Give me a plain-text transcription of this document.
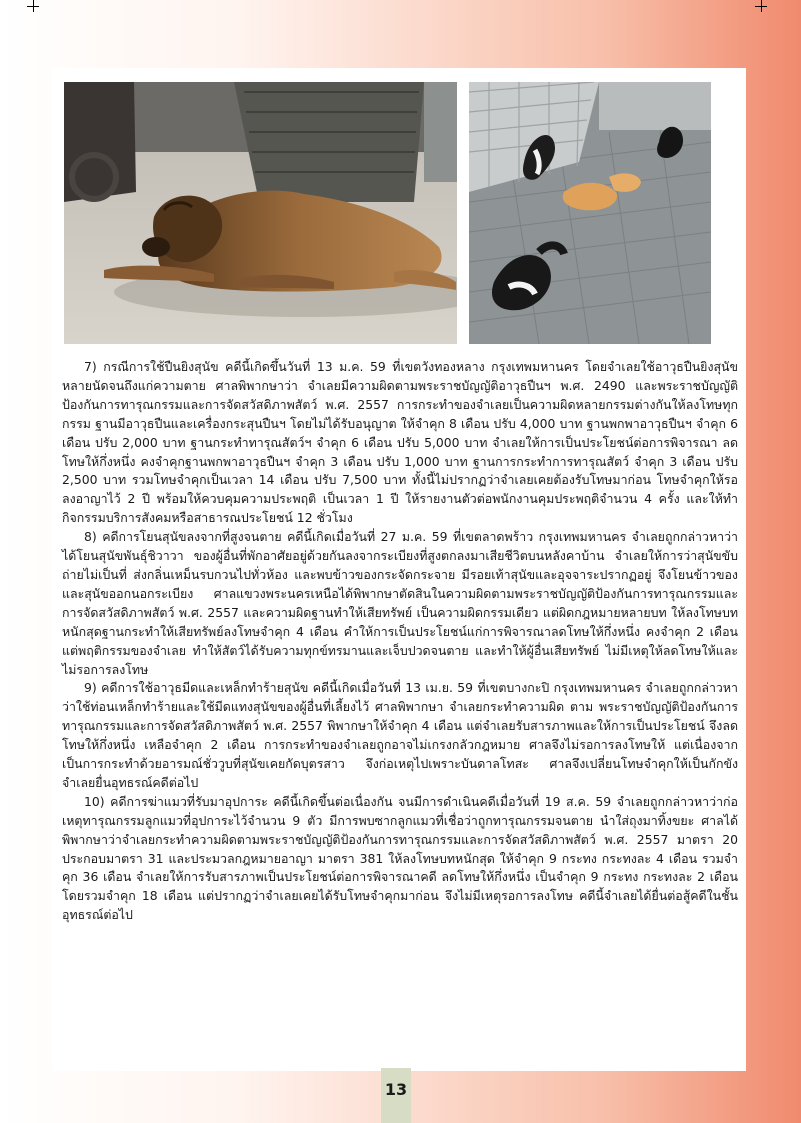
7) กรณีการใช้ปืนยิงสุนัข คดีนี้เกิดขึ้นวันที่ 13 ม.ค. 59 ที่เขตวังทองหลาง กรุงเทพมหานคร โดยจำเลยใช้อาวุธปืนยิงสุนัขหลายนัดจนถึงแก่ความตาย ศาลพิพากษาว่า จำเลยมีความผิดตามพระราชบัญญัติอาวุธปืนฯ พ.ศ. 2490 และพระราชบัญญัติป้องกันการทารุณกรรมและการจัดสวัสดิภาพสัตว์ พ.ศ. 2557 การกระทำของจำเลยเป็นความผิดหลายกรรมต่างกันให้ลงโทษทุกกรรม ฐานมีอาวุธปืนและเครื่องกระสุนปืนฯ โดยไม่ได้รับอนุญาต ให้จำคุก 8 เดือน ปรับ 4,000 บาท ฐานพกพาอาวุธปืนฯ จำคุก 6 เดือน ปรับ 2,000 บาท ฐานกระทำทารุณสัตว์ฯ จำคุก 6 เดือน ปรับ 5,000 บาท จำเลยให้การเป็นประโยชน์ต่อการพิจารณา ลดโทษให้กึ่งหนึ่ง คงจำคุกฐานพกพาอาวุธปืนฯ จำคุก 3 เดือน ปรับ 1,000 บาท ฐานการกระทำการทารุณสัตว์ จำคุก 3 เดือน ปรับ 2,500 บาท รวมโทษจำคุกเป็นเวลา 14 เดือน ปรับ 7,500 บาท ทั้งนี้ไม่ปรากฏว่าจำเลยเคยต้องรับโทษมาก่อน โทษจำคุกให้รอลงอาญาไว้ 2 ปี พร้อมให้ควบคุมความประพฤติ เป็นเวลา 1 ปี ให้รายงานตัวต่อพนักงานคุมประพฤติจำนวน 4 ครั้ง และให้ทำกิจกรรมบริการสังคมหรือสาธารณประโยชน์ 12 ชั่วโมง

8) คดีการโยนสุนัขลงจากที่สูงจนตาย คดีนี้เกิดเมื่อวันที่ 27 ม.ค. 59 ที่เขตลาดพร้าว กรุงเทพมหานคร จำเลยถูกกล่าวหาว่าได้โยนสุนัขพันธุ์ชิวาวา ของผู้อื่นที่พักอาศัยอยู่ด้วยกันลงจากระเบียงที่สูงตกลงมาเสียชีวิตบนหลังคาบ้าน จำเลยให้การว่าสุนัขขับถ่ายไม่เป็นที่ ส่งกลิ่นเหม็นรบกวนไปทั่วห้อง และพบข้าวของกระจัดกระจาย มีรอยเท้าสุนัขและอุจจาระปรากฏอยู่ จึงโยนข้าวของและสุนัขออกนอกระเบียง ศาลแขวงพระนครเหนือได้พิพากษาตัดสินในความผิดตามพระราชบัญญัติป้องกันการทารุณกรรมและการจัดสวัสดิภาพสัตว์ พ.ศ. 2557 และความผิดฐานทำให้เสียทรัพย์ เป็นความผิดกรรมเดียว แต่ผิดกฎหมายหลายบท ให้ลงโทษบทหนักสุดฐานกระทำให้เสียทรัพย์ลงโทษจำคุก 4 เดือน คำให้การเป็นประโยชน์แก่การพิจารณาลดโทษให้กึ่งหนึ่ง คงจำคุก 2 เดือน แต่พฤติกรรมของจำเลย ทำให้สัตว์ได้รับความทุกข์ทรมานและเจ็บปวดจนตาย และทำให้ผู้อื่นเสียทรัพย์ ไม่มีเหตุให้ลดโทษให้และไม่รอการลงโทษ

9) คดีการใช้อาวุธมีดและเหล็กทำร้ายสุนัข คดีนี้เกิดเมื่อวันที่ 13 เม.ย. 59 ที่เขตบางกะปิ กรุงเทพมหานคร จำเลยถูกกล่าวหาว่าใช้ท่อนเหล็กทำร้ายและใช้มีดแทงสุนัขของผู้อื่นที่เลี้ยงไว้ ศาลพิพากษา จำเลยกระทำความผิด ตาม พระราชบัญญัติป้องกันการทารุณกรรมและการจัดสวัสดิภาพสัตว์ พ.ศ. 2557 พิพากษาให้จำคุก 4 เดือน แต่จำเลยรับสารภาพและให้การเป็นประโยชน์ จึงลดโทษให้กึ่งหนึ่ง เหลือจำคุก 2 เดือน การกระทำของจำเลยถูกอาจไม่เกรงกลัวกฎหมาย ศาลจึงไม่รอการลงโทษให้ แต่เนื่องจากเป็นการกระทำด้วยอารมณ์ชั่ววูบที่สุนัขเคยกัดบุตรสาว จึงก่อเหตุไปเพราะบันดาลโทสะ ศาลจึงเปลี่ยนโทษจำคุกให้เป็นกักขัง จำเลยยื่นอุทธรณ์คดีต่อไป

10) คดีการฆ่าแมวที่รับมาอุปการะ คดีนี้เกิดขึ้นต่อเนื่องกัน จนมีการดำเนินคดีเมื่อวันที่ 19 ส.ค. 59 จำเลยถูกกล่าวหาว่าก่อเหตุทารุณกรรมลูกแมวที่อุปการะไว้จำนวน 9 ตัว มีการพบซากลูกแมวที่เชื่อว่าถูกทารุณกรรมจนตาย นำใส่ถุงมาทิ้งขยะ ศาลได้พิพากษาว่าจำเลยกระทำความผิดตามพระราชบัญญัติป้องกันการทารุณกรรมและการจัดสวัสดิภาพสัตว์ พ.ศ. 2557 มาตรา 20 ประกอบมาตรา 31 และประมวลกฎหมายอาญา มาตรา 381 ให้ลงโทษบทหนักสุด ให้จำคุก 9 กระทง กระทงละ 4 เดือน รวมจำคุก 36 เดือน จำเลยให้การรับสารภาพเป็นประโยชน์ต่อการพิจารณาคดี ลดโทษให้กึ่งหนึ่ง เป็นจำคุก 9 กระทง กระทงละ 2 เดือน โดยรวมจำคุก 18 เดือน แต่ปรากฏว่าจำเลยเคยได้รับโทษจำคุกมาก่อน จึงไม่มีเหตุรอการลงโทษ คดีนี้จำเลยได้ยื่นต่อสู้คดีในชั้นอุทธรณ์ต่อไป

13
